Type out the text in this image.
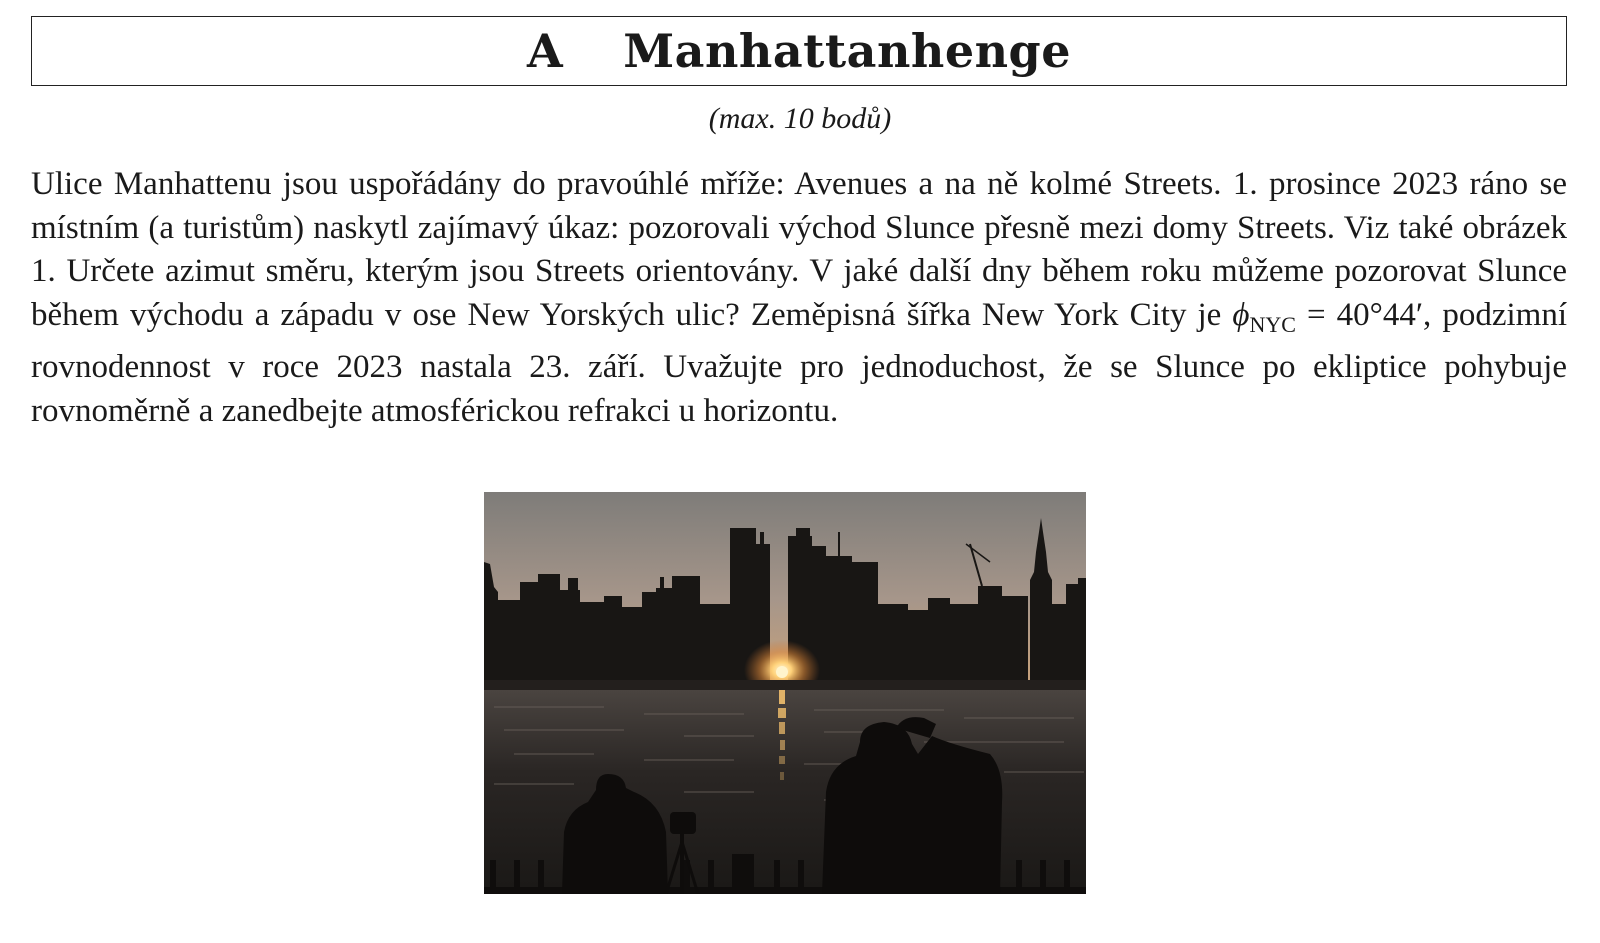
A Manhattanhenge
(max. 10 bodů)

Ulice Manhattenu jsou uspořádány do pravoúhlé mříže: Avenues a na ně kolmé Streets. 1. prosince 2023 ráno se místním (a turistům) naskytl zajímavý úkaz: pozorovali východ Slunce přesně mezi domy Streets. Viz také obrázek 1. Určete azimut směru, kterým jsou Streets orientovány. V jaké další dny během roku můžeme pozorovat Slunce během východu a západu v ose New Yorských ulic? Zeměpisná šířka New York City je $\phi_{NYC} = 40^\circ 44'$, podzimní rovnodennost v roce 2023 nastala 23. září. Uvažujte pro jednoduchost, že se Slunce po ekliptice pohybuje rovnoměrně a zanedbejte atmosférickou refrakci u horizontu.
